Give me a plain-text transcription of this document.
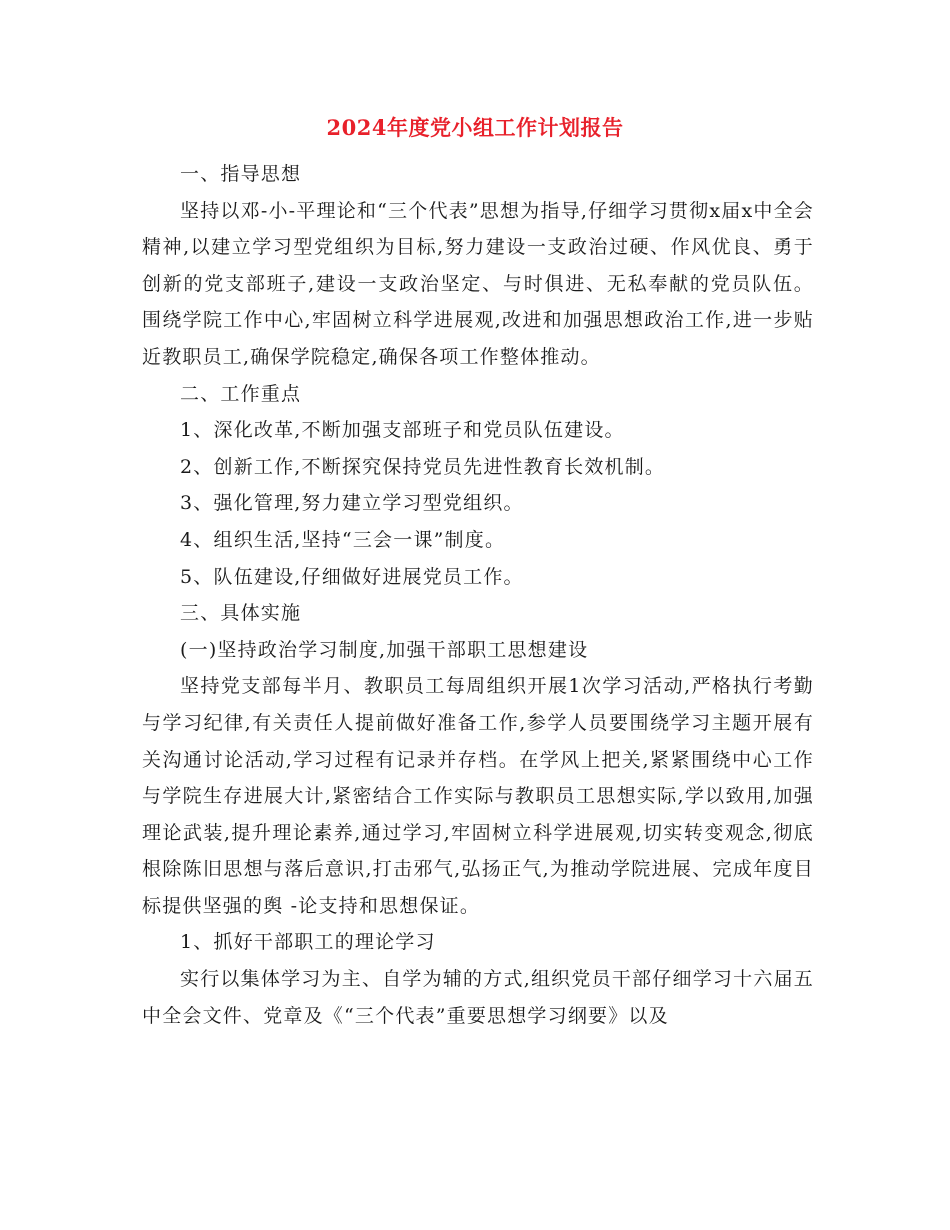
2024年度党小组工作计划报告

一、指导思想

坚持以邓-小-平理论和“三个代表”思想为指导,仔细学习贯彻x届x中全会精神,以建立学习型党组织为目标,努力建设一支政治过硬、作风优良、勇于创新的党支部班子,建设一支政治坚定、与时俱进、无私奉献的党员队伍。围绕学院工作中心,牢固树立科学进展观,改进和加强思想政治工作,进一步贴近教职员工,确保学院稳定,确保各项工作整体推动。

二、工作重点

1、深化改革,不断加强支部班子和党员队伍建设。

2、创新工作,不断探究保持党员先进性教育长效机制。

3、强化管理,努力建立学习型党组织。

4、组织生活,坚持“三会一课”制度。

5、队伍建设,仔细做好进展党员工作。

三、具体实施

(一)坚持政治学习制度,加强干部职工思想建设

坚持党支部每半月、教职员工每周组织开展1次学习活动,严格执行考勤与学习纪律,有关责任人提前做好准备工作,参学人员要围绕学习主题开展有关沟通讨论活动,学习过程有记录并存档。在学风上把关,紧紧围绕中心工作与学院生存进展大计,紧密结合工作实际与教职员工思想实际,学以致用,加强理论武装,提升理论素养,通过学习,牢固树立科学进展观,切实转变观念,彻底根除陈旧思想与落后意识,打击邪气,弘扬正气,为推动学院进展、完成年度目标提供坚强的舆 -论支持和思想保证。

1、抓好干部职工的理论学习

实行以集体学习为主、自学为辅的方式,组织党员干部仔细学习十六届五中全会文件、党章及《“三个代表”重要思想学习纲要》以及
